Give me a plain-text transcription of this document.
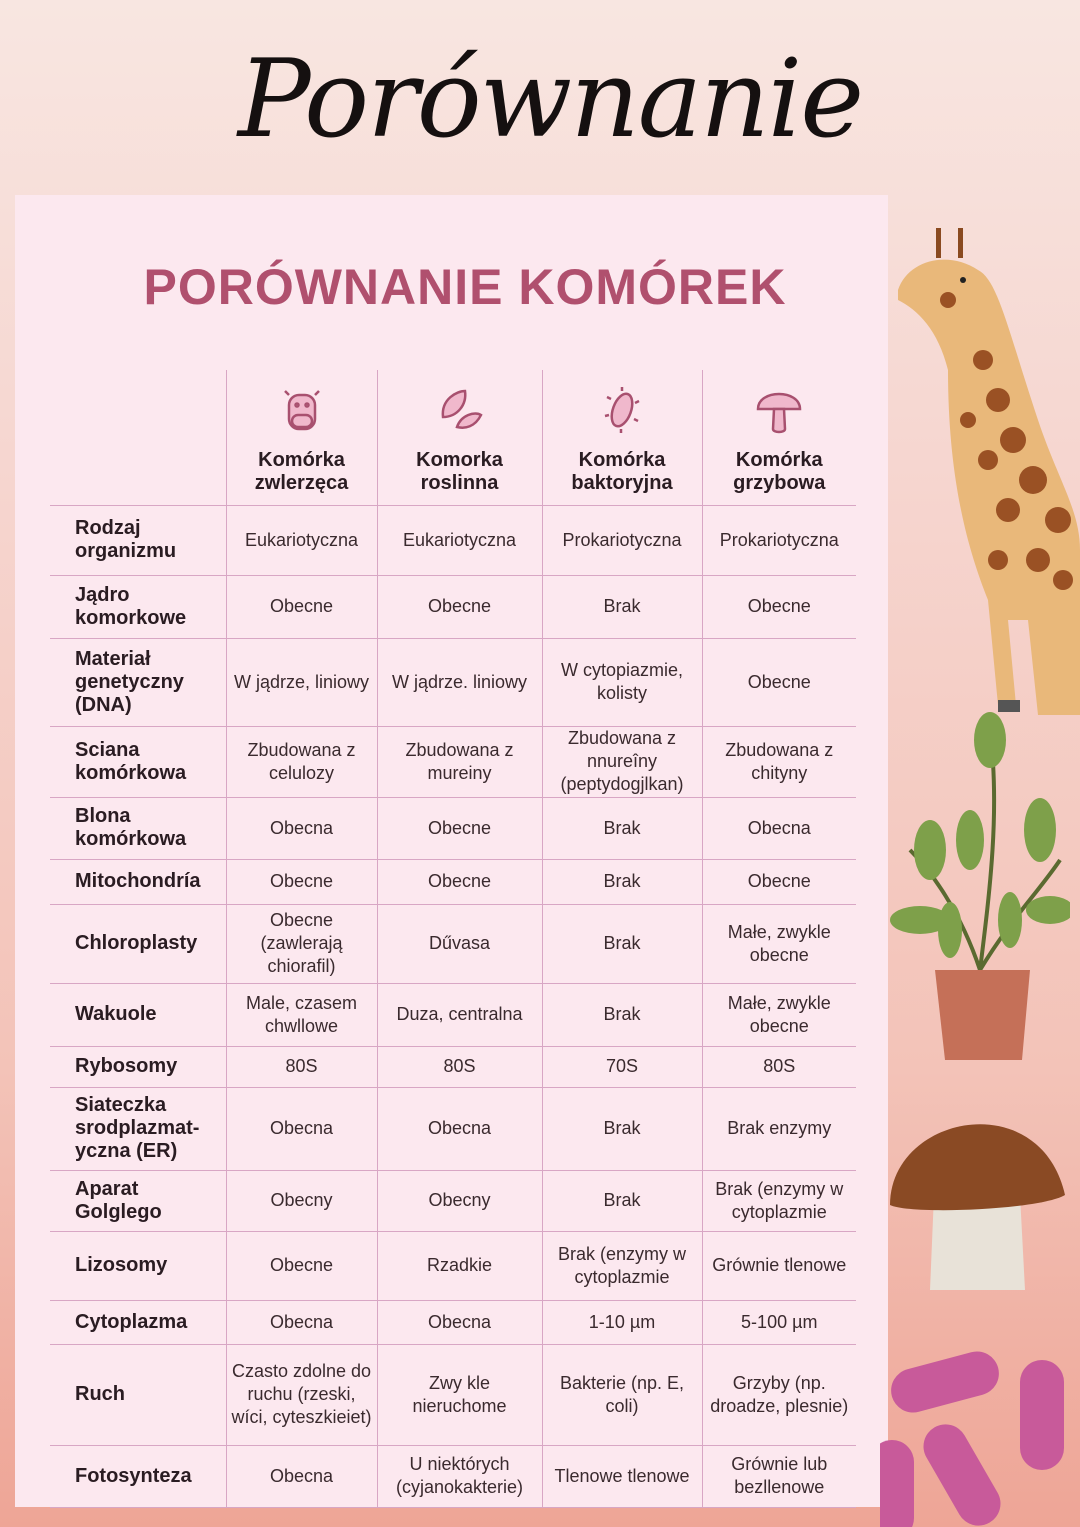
Porównanie
PORÓWNANIE KOMÓREK

Komórka zwlerzęca	Komorka roslinna	Komórka baktoryjna	Komórka grzybowa
Rodzaj organizmu	Eukariotyczna	Eukariotyczna	Prokariotyczna	Prokariotyczna
Jądro komorkowe	Obecne	Obecne	Brak	Obecne
Materiał genetyczny (DNA)	W jądrze, liniowy	W jądrze. liniowy	W cytopiazmie, kolisty	Obecne
Sciana komórkowa	Zbudowana z celulozy	Zbudowana z mureiny	Zbudowana z nnureîny (peptydogjlkan)	Zbudowana z chityny
Blona komórkowa	Obecna	Obecne	Brak	Obecna
Mitochondría	Obecne	Obecne	Brak	Obecne
Chloroplasty	Obecne (zawlerają chiorafil)	Dűvasa	Brak	Małe, zwykle obecne
Wakuole	Male, czasem chwllowe	Duza, centralna	Brak	Małe, zwykle obecne
Rybosomy	80S	80S	70S	80S
Siateczka srodplazmat-yczna (ER)	Obecna	Obecna	Brak	Brak enzymy
Aparat Golglego	Obecny	Obecny	Brak	Brak (enzymy w cytoplazmie
Lizosomy	Obecne	Rzadkie	Brak (enzymy w cytoplazmie	Grównie tlenowe
Cytoplazma	Obecna	Obecna	1-10 µm	5-100 µm
Ruch	Czasto zdolne do ruchu (rzeski, wíci, cyteszkieiet)	Zwy kle nieruchome	Bakterie (np. E, coli)	Grzyby (np. droadze, plesnie)
Fotosynteza	Obecna	U niektórych (cyjanokakterie)	Tlenowe tlenowe	Grównie lub bezllenowe
